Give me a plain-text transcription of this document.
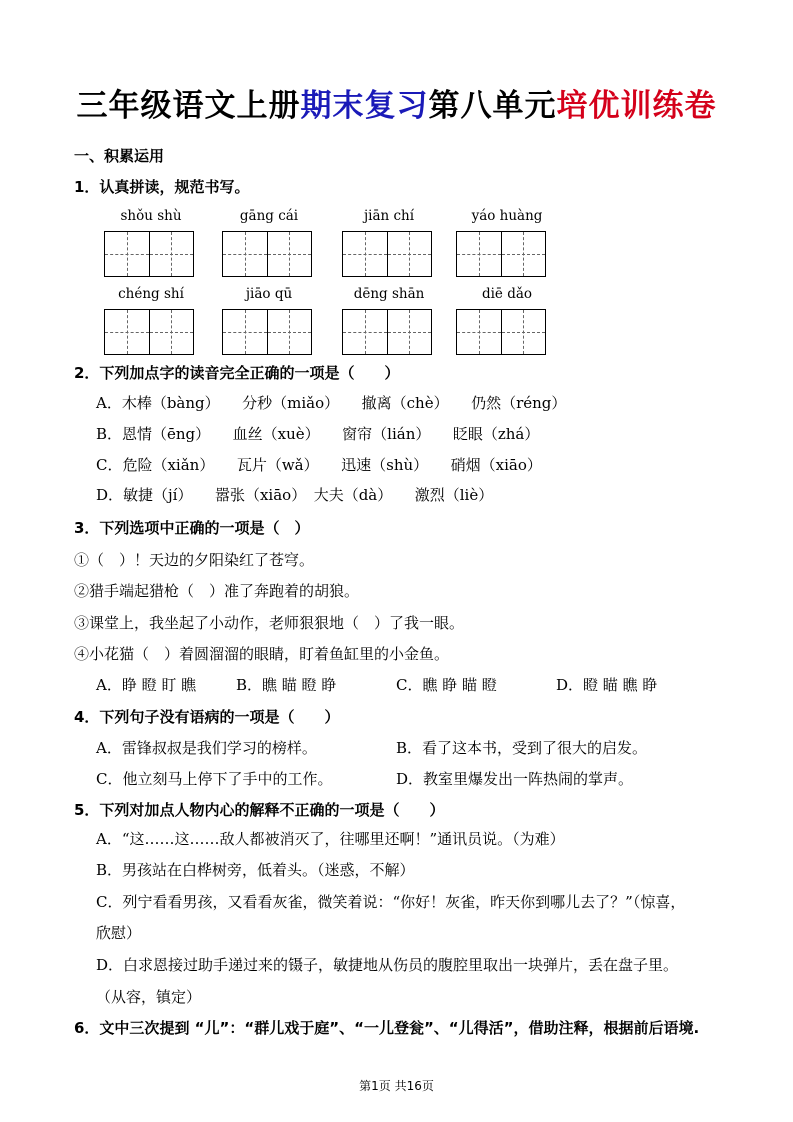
三年级语文上册期末复习第八单元培优训练卷
一、积累运用
1．认真拼读，规范书写。
shǒu shù	gāng cái	jiān chí	yáo huàng
chéng shí	jiāo qū	dēng shān	diē dǎo
2．下列加点字的读音完全正确的一项是（　　）
A．木棒（bàng）　　分秒（miǎo）　　撤离（chè）　　仍然（réng）
B．恩情（ēng）　　血丝（xuè）　　窗帘（lián）　　眨眼（zhá）
C．危险（xiǎn）　　瓦片（wǎ）　　迅速（shù）　　硝烟（xiāo）
D．敏捷（jí）　　嚣张（xiāo）　大夫（dà）　　激烈（liè）
3．下列选项中正确的一项是（　）
①（　）！天边的夕阳染红了苍穹。
②猎手端起猎枪（　）准了奔跑着的胡狼。
③课堂上，我坐起了小动作，老师狠狠地（　）了我一眼。
④小花猫（　）着圆溜溜的眼睛，盯着鱼缸里的小金鱼。
A．睁 瞪 盯 瞧	B．瞧 瞄 瞪 睁	C．瞧 睁 瞄 瞪	D．瞪 瞄 瞧 睁
4．下列句子没有语病的一项是（　　）
A．雷锋叔叔是我们学习的榜样。	B．看了这本书，受到了很大的启发。
C．他立刻马上停下了手中的工作。	D．教室里爆发出一阵热闹的掌声。
5．下列对加点人物内心的解释不正确的一项是（　　）
A．“这……这……敌人都被消灭了，往哪里还啊！”通讯员说。（为难）
B．男孩站在白桦树旁，低着头。（迷惑，不解）
C．列宁看看男孩，又看看灰雀，微笑着说：“你好！灰雀，昨天你到哪儿去了？”（惊喜，
欣慰）
D．白求恩接过助手递过来的镊子，敏捷地从伤员的腹腔里取出一块弹片，丢在盘子里。
（从容，镇定）
6．文中三次提到 “儿”：“群儿戏于庭”、“一儿登瓮”、“儿得活”，借助注释，根据前后语境.
第1页 共16页
